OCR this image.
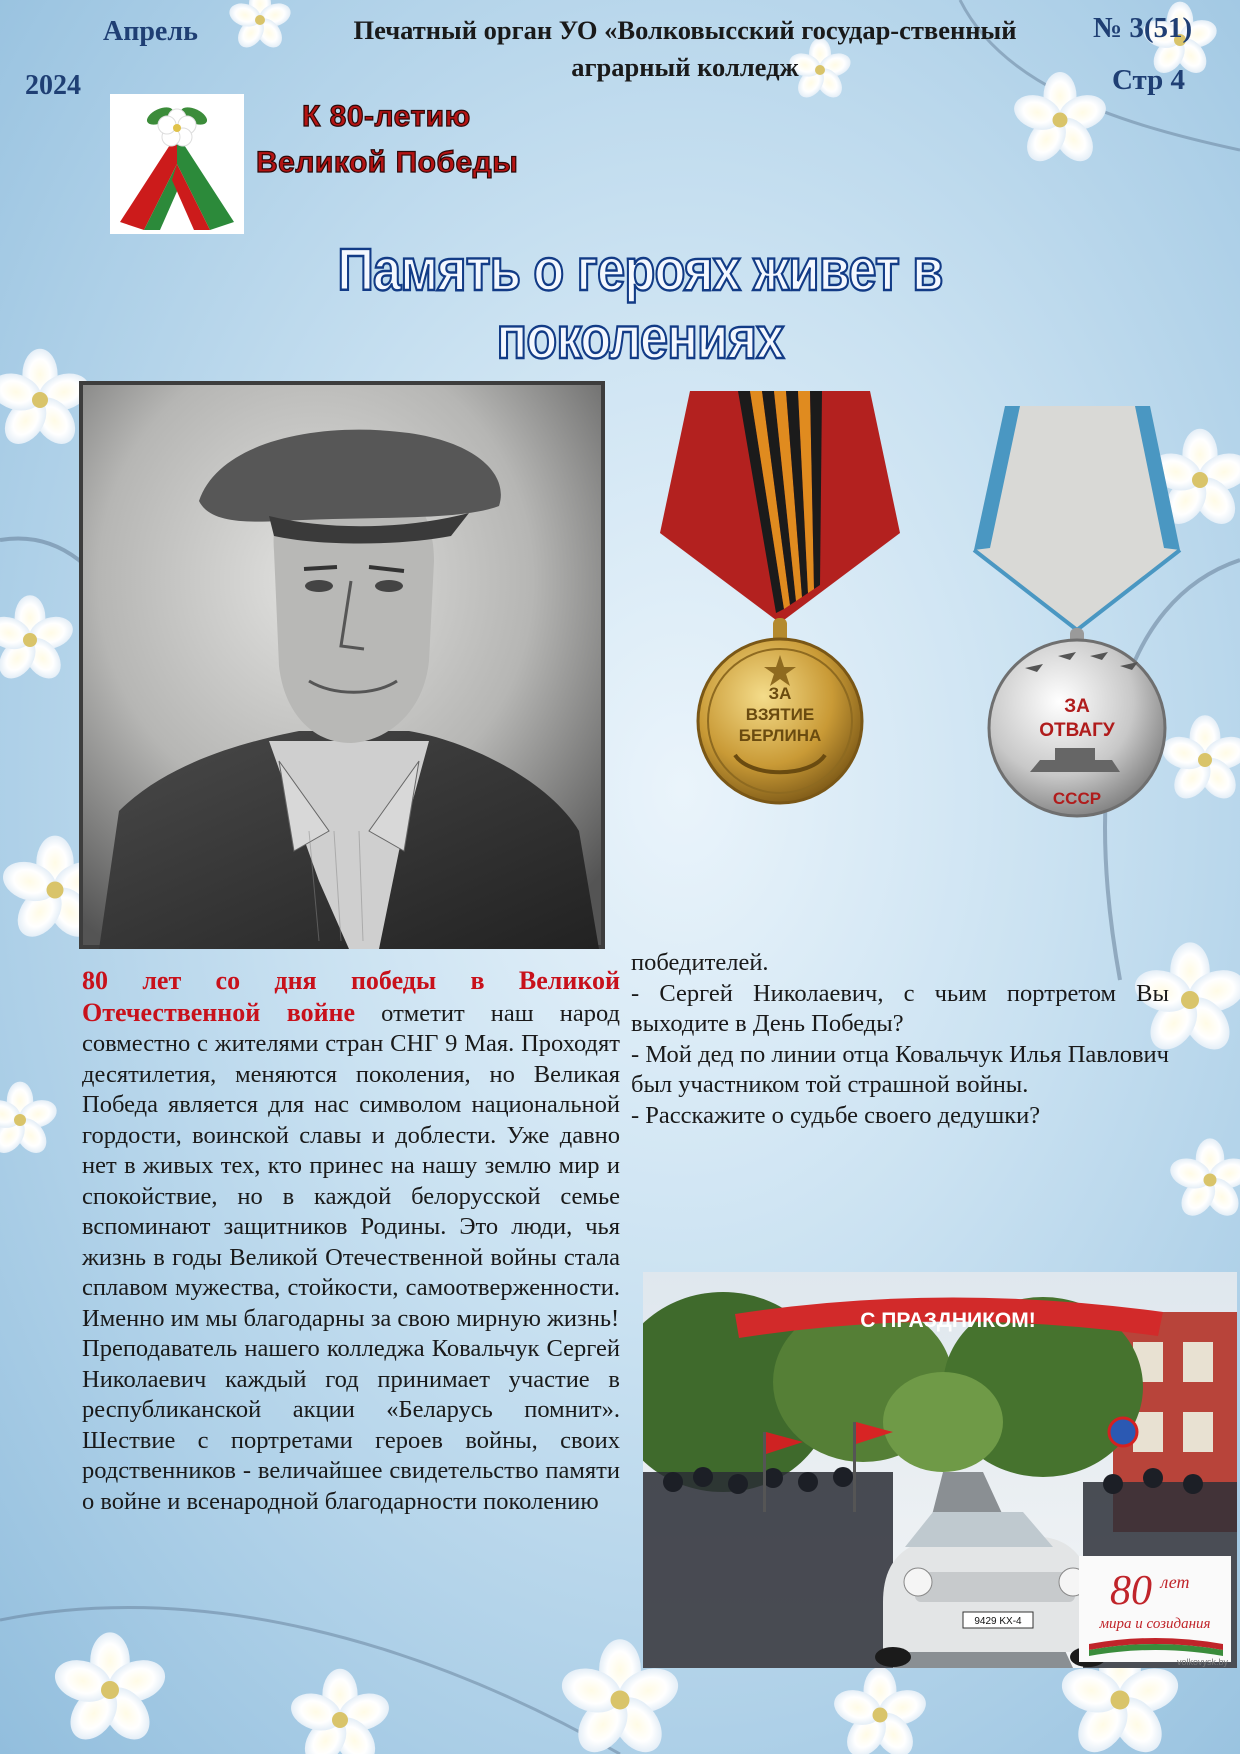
Апрель
2024
Печатный орган УО «Волковысский государ-ственный аграрный колледж
№ 3(51)
Стр 4
К 80-летию
Великой Победы
Память о героях живет в поколениях
ЗА
ВЗЯТИЕ
БЕРЛИНА
ЗА
ОТВАГУ
СССР

80 лет со дня победы в Великой Отечественной войне отметит наш народ совместно с жителями стран СНГ 9 Мая. Проходят десятилетия, меняются поколения, но Великая Победа является для нас символом национальной гордости, воинской славы и доблести. Уже давно нет в живых тех, кто принес на нашу землю мир и спокойствие, но в каждой белорусской семье вспоминают защитников Родины. Это люди, чья жизнь в годы Великой Отечественной войны стала сплавом мужества, стойкости, самоотверженности. Именно им мы благодарны за свою мирную жизнь!

Преподаватель нашего колледжа Ковальчук Сергей Николаевич каждый год принимает участие в республиканской акции «Беларусь помнит». Шествие с портретами героев войны, своих родственников - величайшее свидетельство памяти о войне и всенародной благодарности поколению

победителей.

- Сергей Николаевич, с чьим портретом Вы выходите в День Победы?

- Мой дед по линии отца Ковальчук Илья Павлович был участником той страшной войны.

- Расскажите о судьбе своего дедушки?

С ПРАЗДНИКОМ!
9429 KX-4
80 лет
мира и созидания
volkovysk.by
